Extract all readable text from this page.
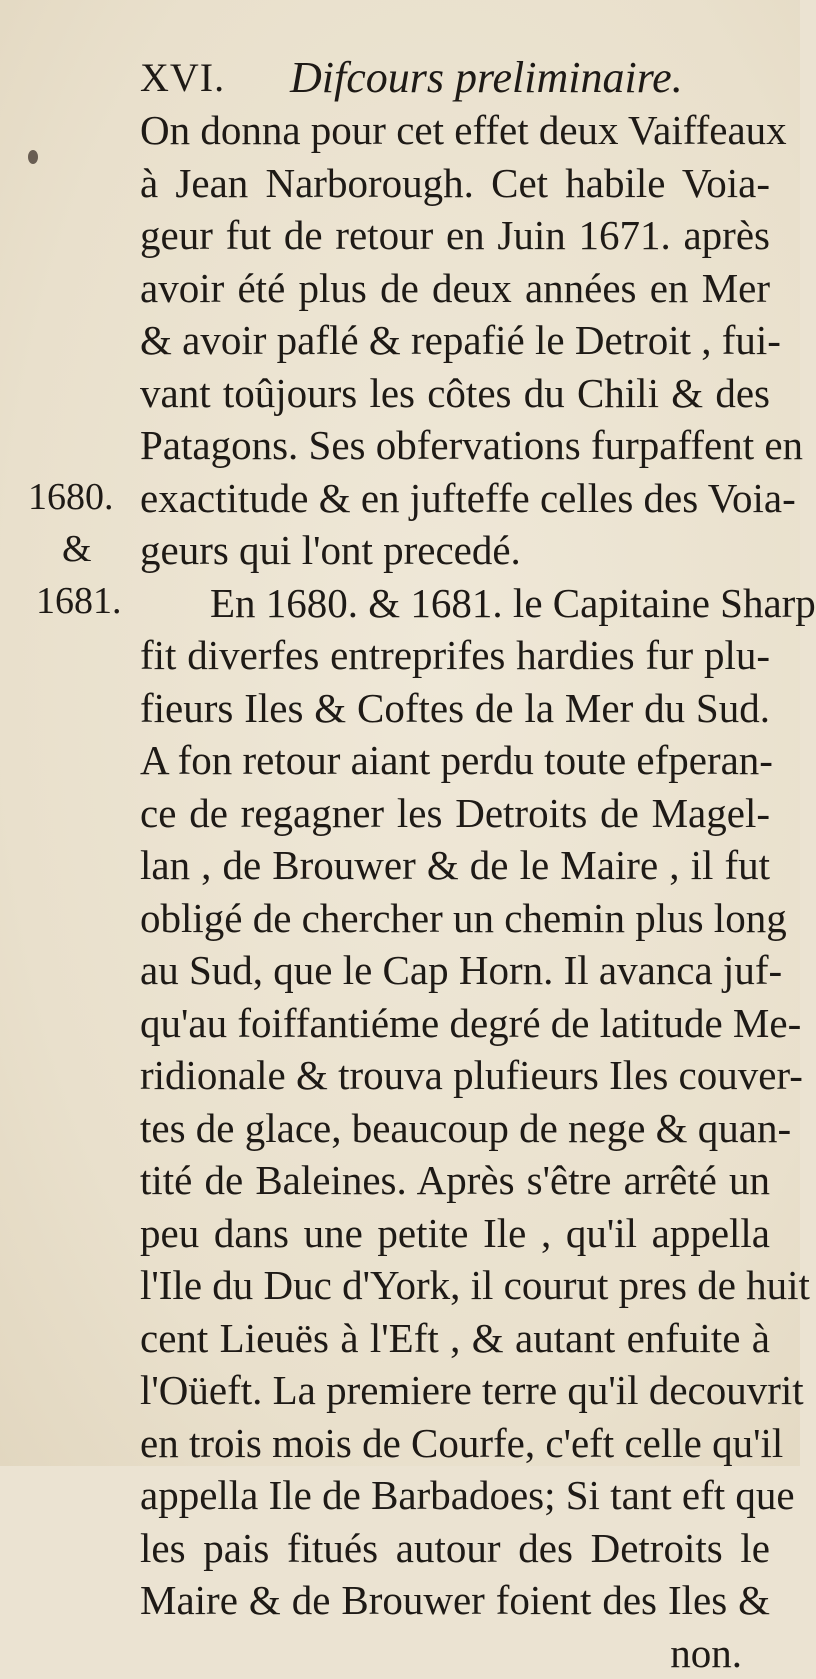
XVI. Difcours preliminaire.
1680.
&
1681.
On donna pour cet effet deux Vaiffeaux
à Jean Narborough. Cet habile Voia-
geur fut de retour en Juin 1671. après
avoir été plus de deux années en Mer
& avoir paflé & repafié le Detroit , fui-
vant toûjours les côtes du Chili & des
Patagons. Ses obfervations furpaffent en
exactitude & en jufteffe celles des Voia-
geurs qui l'ont precedé.
En 1680. & 1681. le Capitaine Sharp
fit diverfes entreprifes hardies fur plu-
fieurs Iles & Coftes de la Mer du Sud.
A fon retour aiant perdu toute efperan-
ce de regagner les Detroits de Magel-
lan , de Brouwer & de le Maire , il fut
obligé de chercher un chemin plus long
au Sud, que le Cap Horn. Il avanca juf-
qu'au foiffantiéme degré de latitude Me-
ridionale & trouva plufieurs Iles couver-
tes de glace, beaucoup de nege & quan-
tité de Baleines. Après s'être arrêté un
peu dans une petite Ile , qu'il appella
l'Ile du Duc d'York, il courut pres de huit
cent Lieuës à l'Eft , & autant enfuite à
l'Oüeft. La premiere terre qu'il decouvrit
en trois mois de Courfe, c'eft celle qu'il
appella Ile de Barbadoes; Si tant eft que
les pais fitués autour des Detroits le
Maire & de Brouwer foient des Iles &
non.
